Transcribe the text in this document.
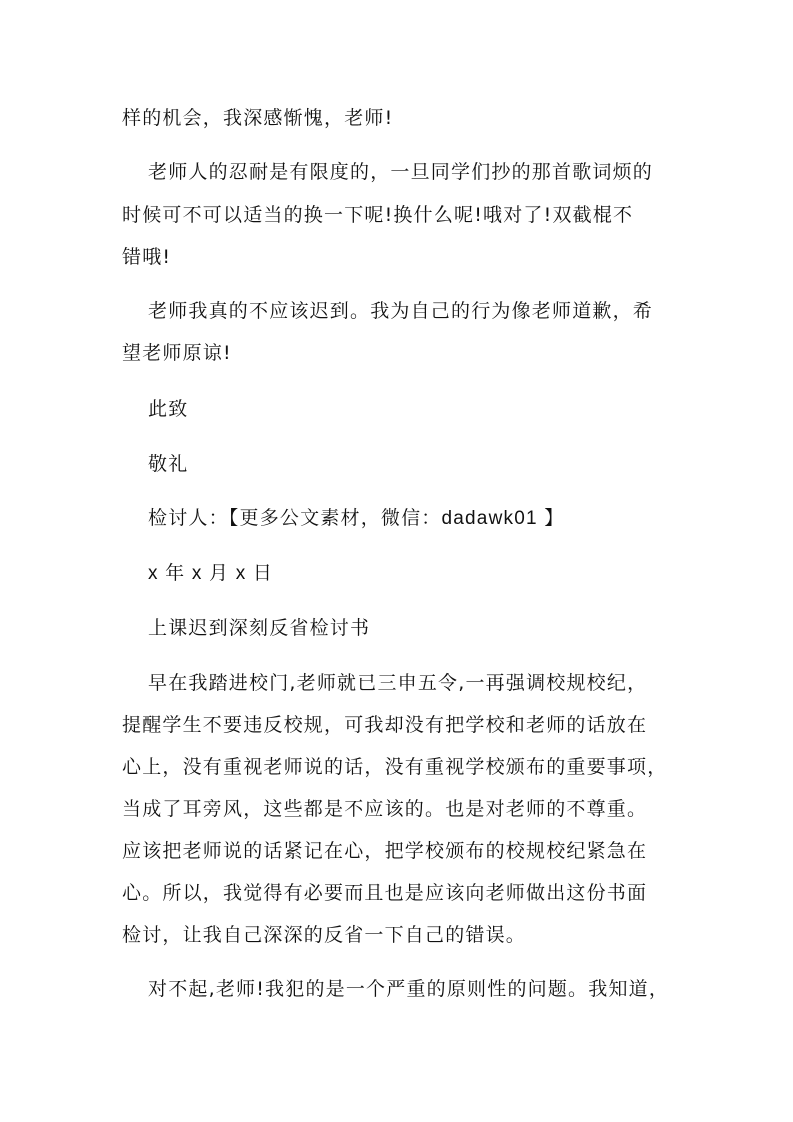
样的机会，我深感惭愧，老师!
老师人的忍耐是有限度的，一旦同学们抄的那首歌词烦的
时候可不可以适当的换一下呢!换什么呢!哦对了!双截棍不
错哦!
老师我真的不应该迟到。我为自己的行为像老师道歉，希
望老师原谅!
此致
敬礼
检讨人：【更多公文素材，微信：dadawk01 】
x 年 x 月 x 日
上课迟到深刻反省检讨书
早在我踏进校门,老师就已三申五令,一再强调校规校纪，
提醒学生不要违反校规，可我却没有把学校和老师的话放在
心上，没有重视老师说的话，没有重视学校颁布的重要事项，
当成了耳旁风，这些都是不应该的。也是对老师的不尊重。
应该把老师说的话紧记在心，把学校颁布的校规校纪紧急在
心。所以，我觉得有必要而且也是应该向老师做出这份书面
检讨，让我自己深深的反省一下自己的错误。
对不起,老师!我犯的是一个严重的原则性的问题。我知道，
